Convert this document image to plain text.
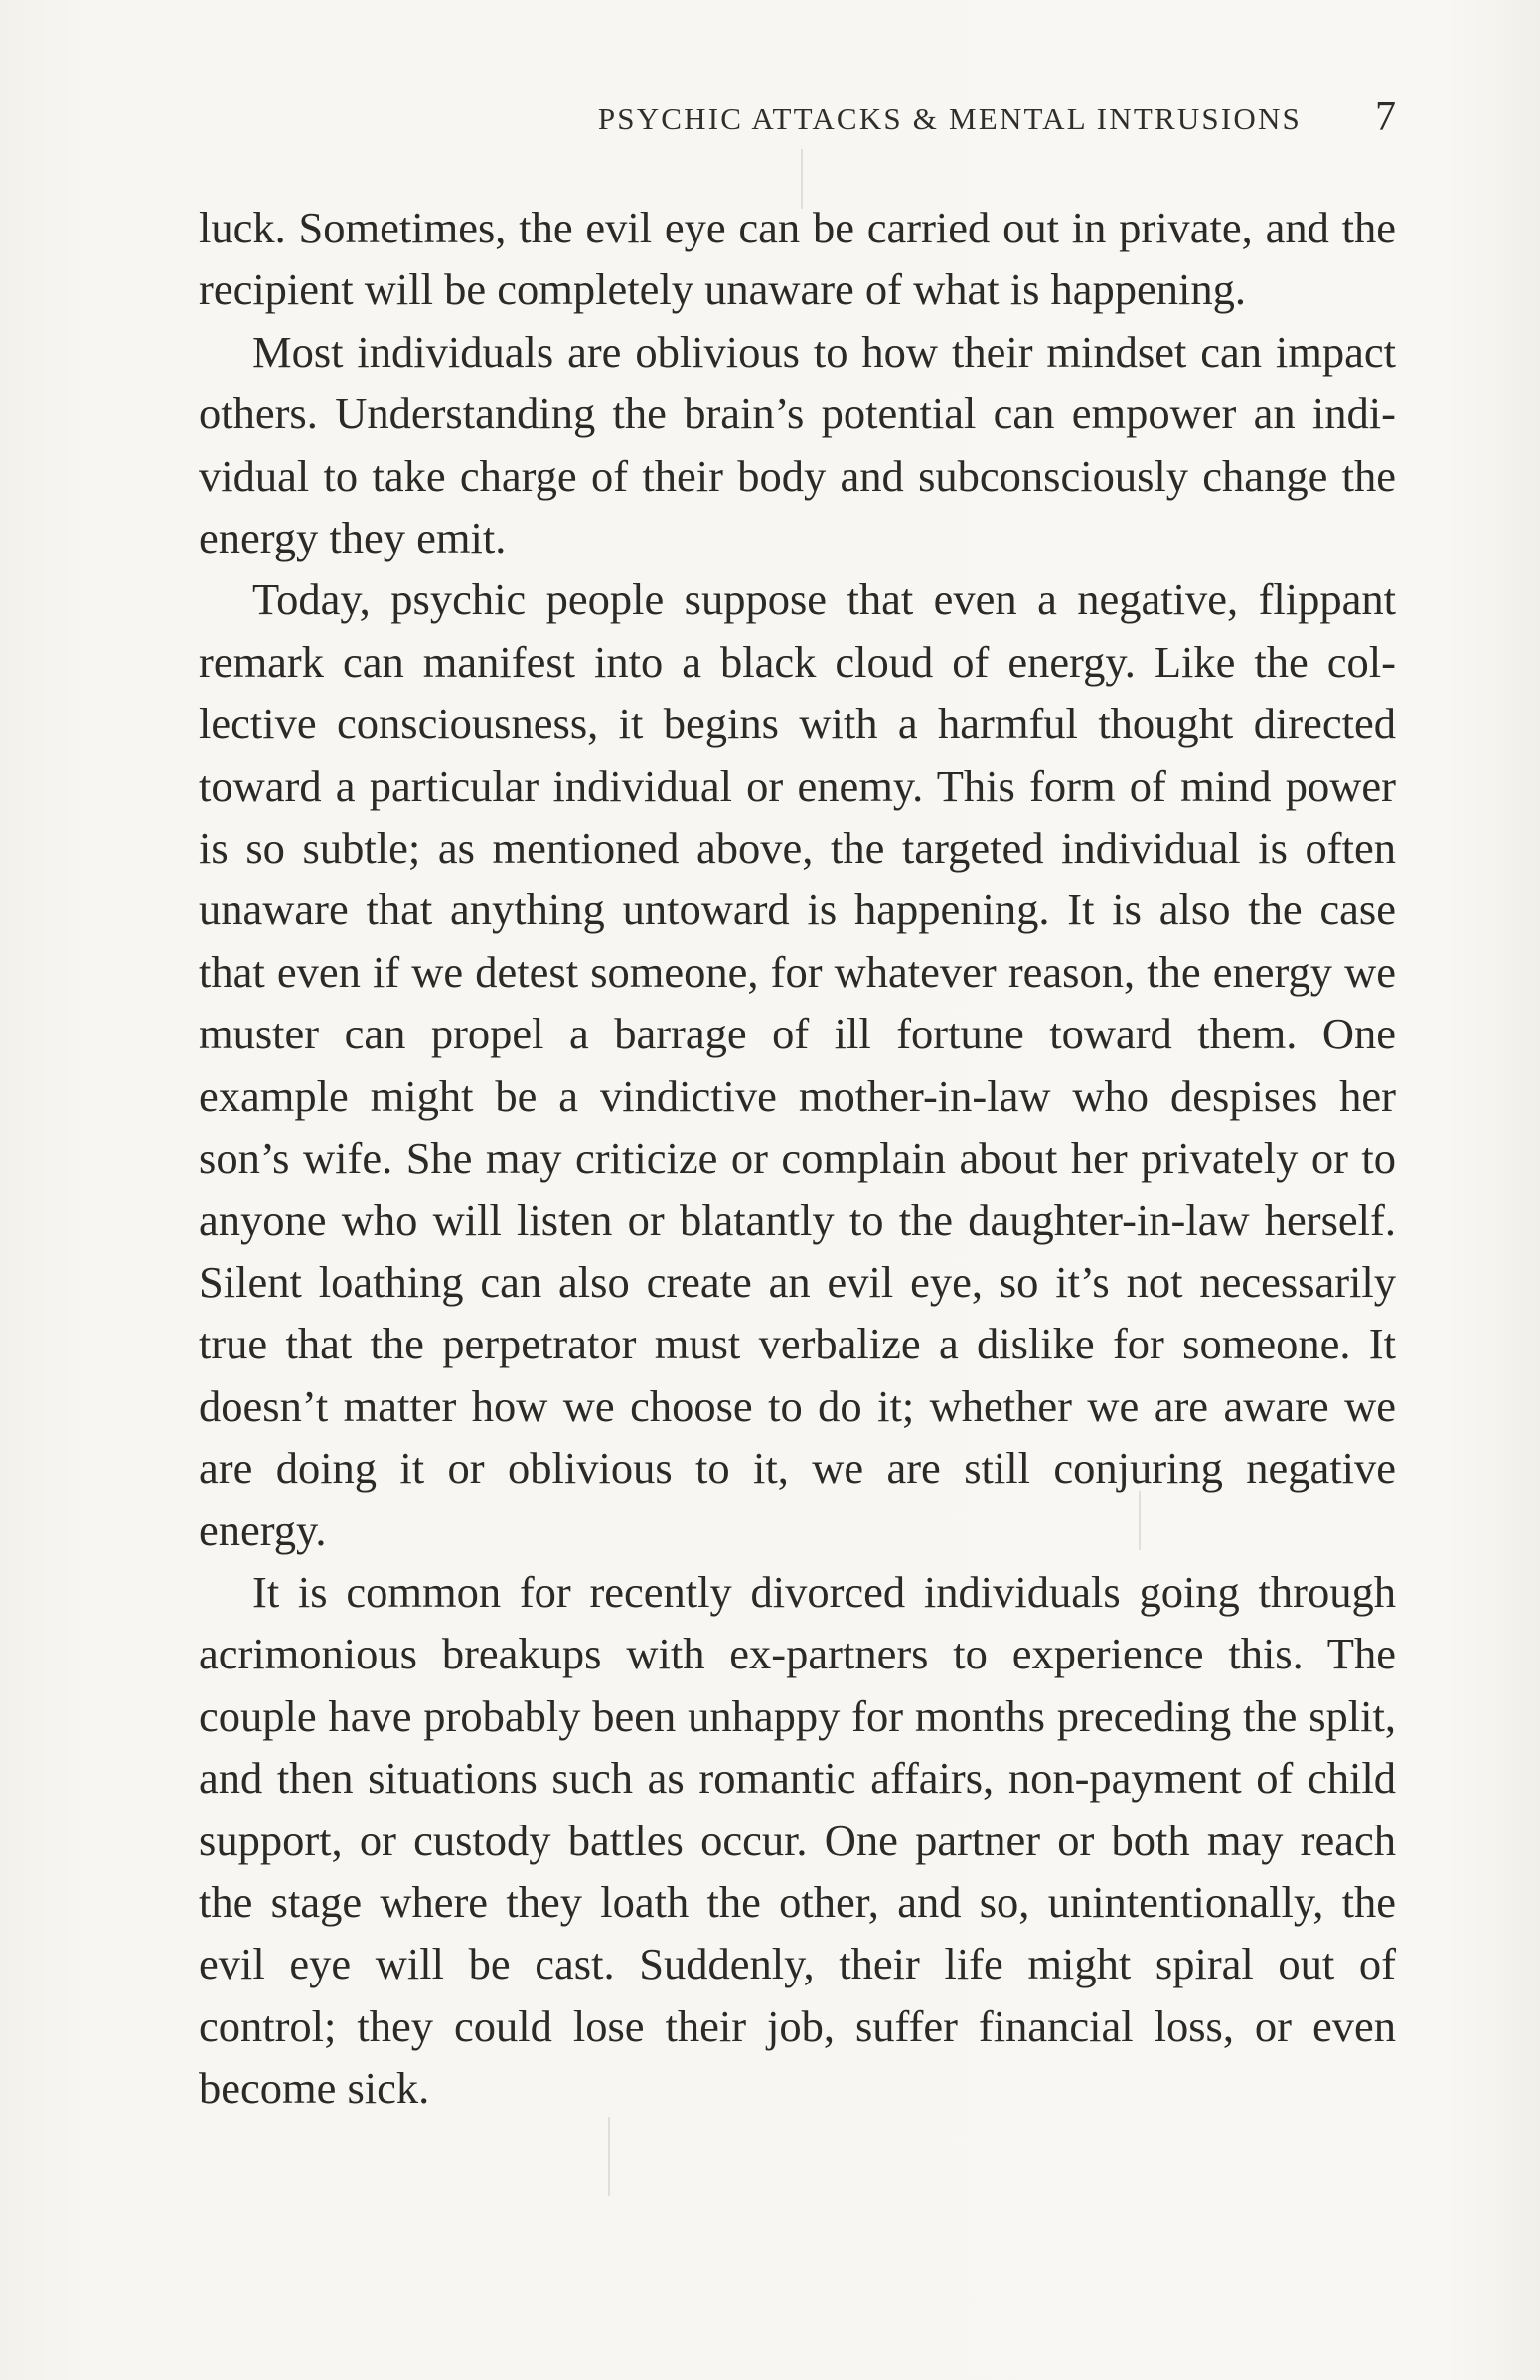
PSYCHIC ATTACKS & MENTAL INTRUSIONS 7

luck. Sometimes, the evil eye can be carried out in private, and the recipient will be completely unaware of what is happening.

Most individuals are oblivious to how their mindset can impact others. Understanding the brain’s potential can empower an individual to take charge of their body and subconsciously change the energy they emit.

Today, psychic people suppose that even a negative, flippant remark can manifest into a black cloud of energy. Like the collective consciousness, it begins with a harmful thought directed toward a particular individual or enemy. This form of mind power is so subtle; as mentioned above, the targeted individual is often unaware that anything untoward is happening. It is also the case that even if we detest someone, for whatever reason, the energy we muster can propel a barrage of ill fortune toward them. One example might be a vindictive mother-in-law who despises her son’s wife. She may criticize or complain about her privately or to anyone who will listen or blatantly to the daughter-in-law herself. Silent loathing can also create an evil eye, so it’s not necessarily true that the perpetrator must verbalize a dislike for someone. It doesn’t matter how we choose to do it; whether we are aware we are doing it or oblivious to it, we are still conjuring negative energy.

It is common for recently divorced individuals going through acrimonious breakups with ex-partners to experience this. The couple have probably been unhappy for months preceding the split, and then situations such as romantic affairs, non-payment of child support, or custody battles occur. One partner or both may reach the stage where they loath the other, and so, unintentionally, the evil eye will be cast. Suddenly, their life might spiral out of control; they could lose their job, suffer financial loss, or even become sick.
